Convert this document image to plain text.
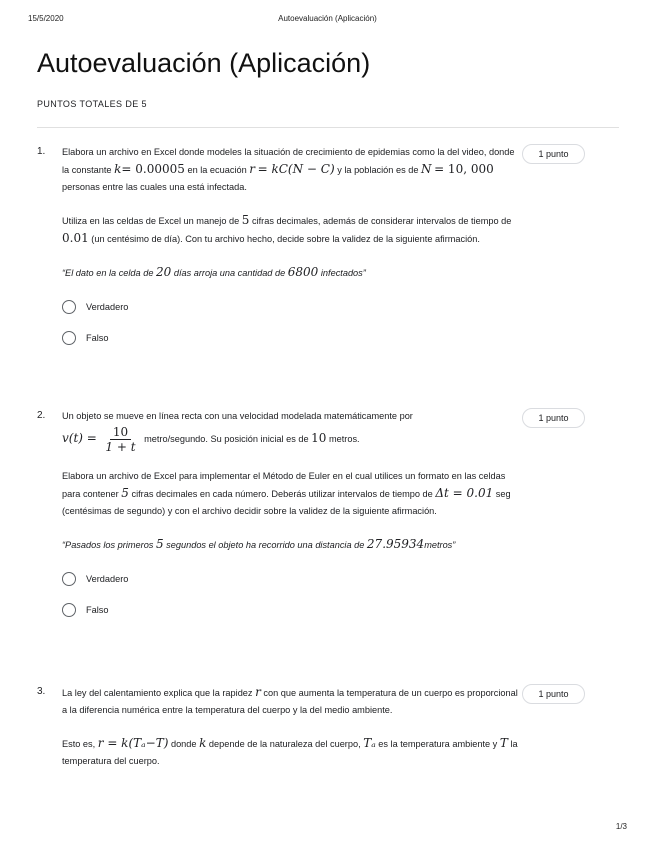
15/5/2020	Autoevaluación (Aplicación)
Autoevaluación (Aplicación)
PUNTOS TOTALES DE 5
1.	1 punto

Elabora un archivo en Excel donde modeles la situación de crecimiento de epidemias como la del video, donde la constante k= 0.00005 en la ecuación r = kC(N − C) y la población es de N = 10, 000 personas entre las cuales una está infectada.

Utiliza en las celdas de Excel un manejo de 5 cifras decimales, además de considerar intervalos de tiempo de 0.01 (un centésimo de día). Con tu archivo hecho, decide sobre la validez de la siguiente afirmación.

“El dato en la celda de 20 días arroja una cantidad de 6800 infectados”

Verdadero
Falso
2.	1 punto

Un objeto se mueve en línea recta con una velocidad modelada matemáticamente por
$v(t) = \frac{10}{1 + t}$ metro/segundo. Su posición inicial es de 10 metros.

Elabora un archivo de Excel para implementar el Método de Euler en el cual utilices un formato en las celdas para contener 5 cifras decimales en cada número. Deberás utilizar intervalos de tiempo de Δt = 0.01 seg (centésimas de segundo) y con el archivo decidir sobre la validez de la siguiente afirmación.

“Pasados los primeros 5 segundos el objeto ha recorrido una distancia de 27.95934metros”

Verdadero
Falso
3.	1 punto

La ley del calentamiento explica que la rapidez r con que aumenta la temperatura de un cuerpo es proporcional a la diferencia numérica entre la temperatura del cuerpo y la del medio ambiente.

Esto es, r = k(Tₐ−T) donde k depende de la naturaleza del cuerpo, Tₐ es la temperatura ambiente y T la temperatura del cuerpo.

1/3
